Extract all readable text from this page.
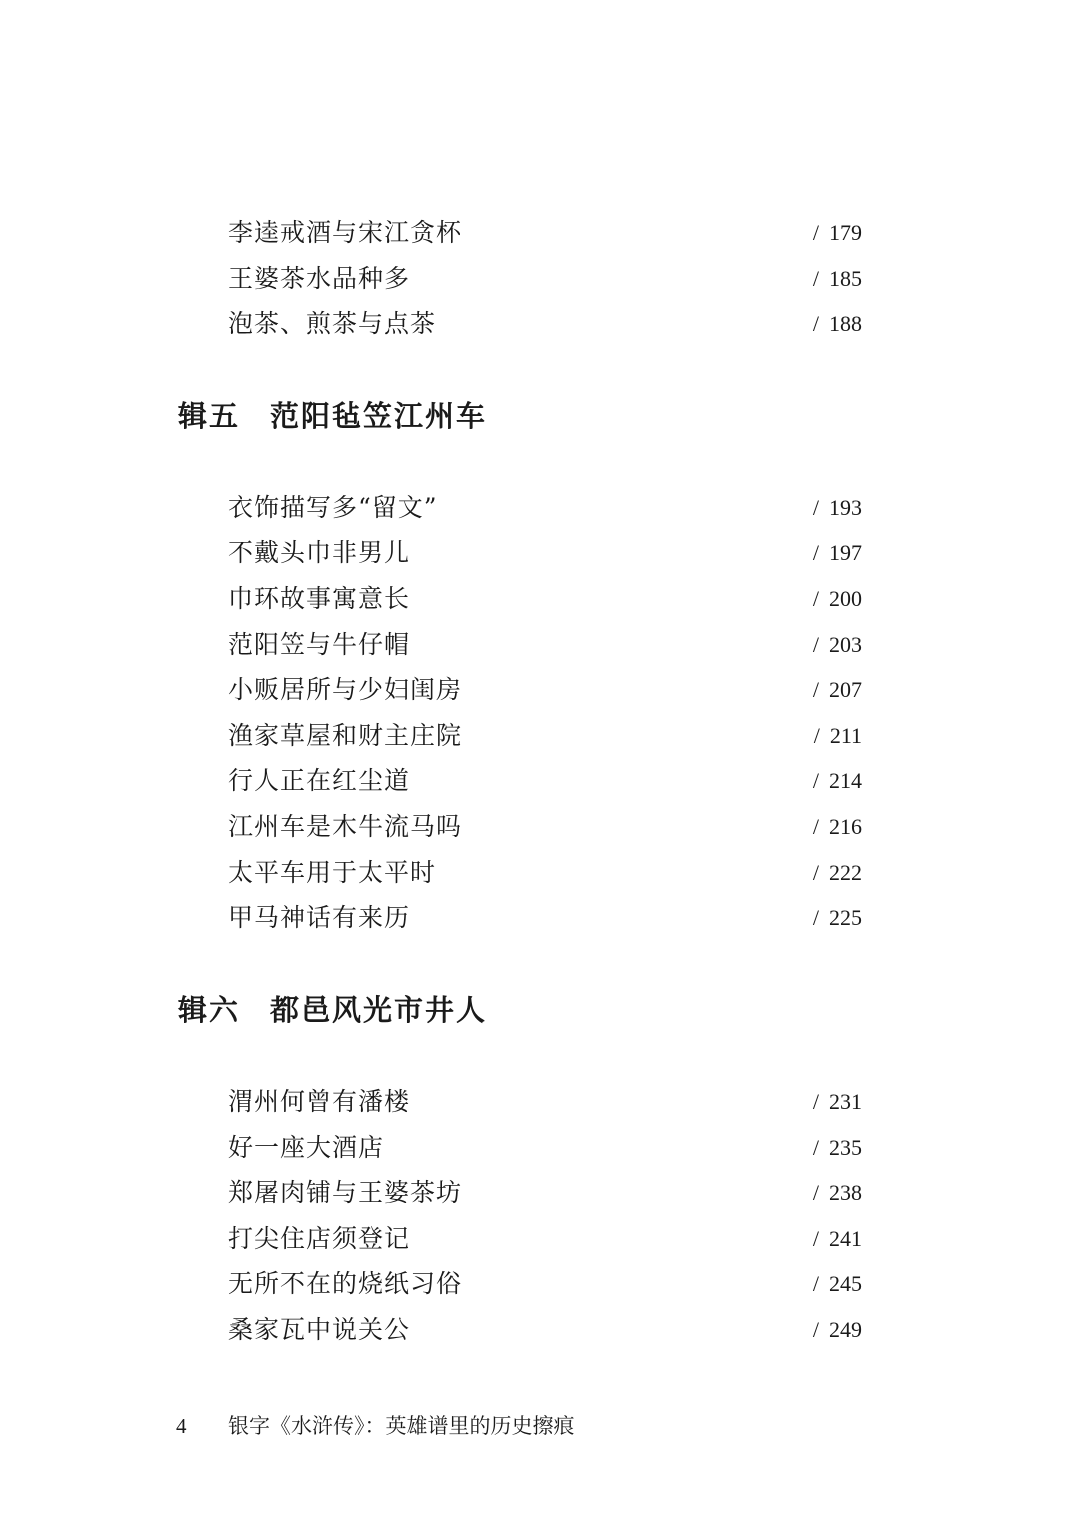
李逵戒酒与宋江贪杯	/ 179
王婆茶水品种多	/ 185
泡茶、煎茶与点茶	/ 188
辑五 范阳毡笠江州车
衣饰描写多“留文”	/ 193
不戴头巾非男儿	/ 197
巾环故事寓意长	/ 200
范阳笠与牛仔帽	/ 203
小贩居所与少妇闺房	/ 207
渔家草屋和财主庄院	/ 211
行人正在红尘道	/ 214
江州车是木牛流马吗	/ 216
太平车用于太平时	/ 222
甲马神话有来历	/ 225
辑六 都邑风光市井人
渭州何曾有潘楼	/ 231
好一座大酒店	/ 235
郑屠肉铺与王婆茶坊	/ 238
打尖住店须登记	/ 241
无所不在的烧纸习俗	/ 245
桑家瓦中说关公	/ 249
4 银字《水浒传》：英雄谱里的历史擦痕
